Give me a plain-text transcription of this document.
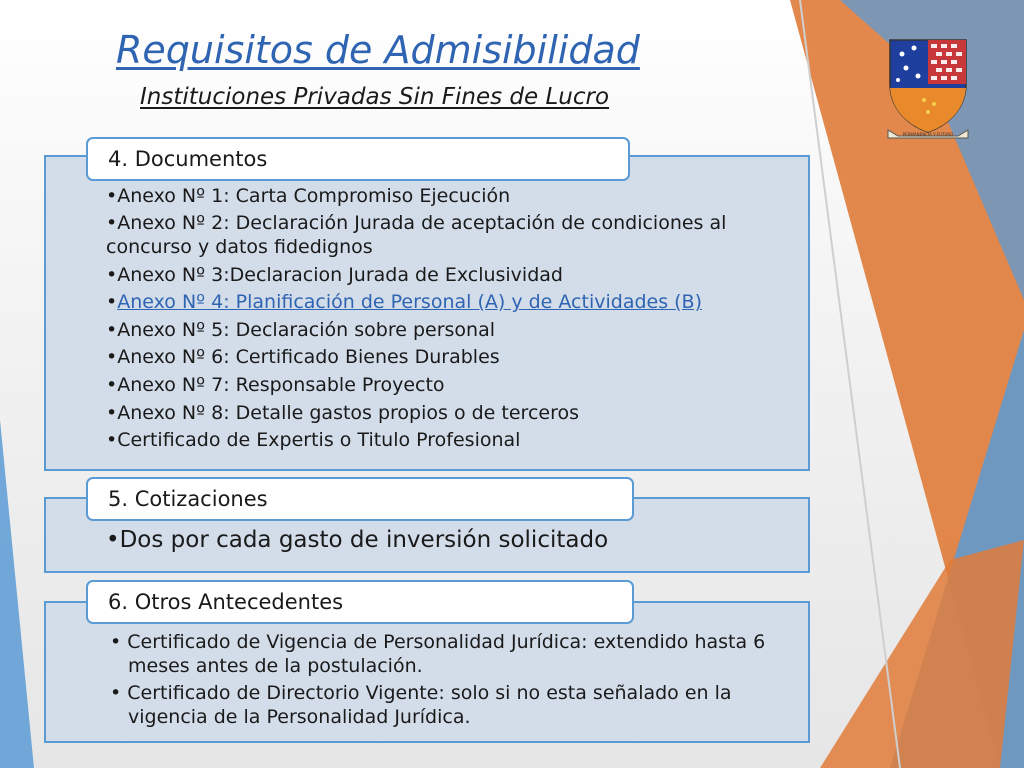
Requisitos de Admisibilidad
Instituciones Privadas Sin Fines de Lucro
PERMANENCIA Y FUTURO
•Anexo Nº 1: Carta Compromiso Ejecución
•Anexo Nº 2: Declaración Jurada de aceptación de condiciones al concurso y datos fidedignos
•Anexo Nº 3:Declaracion Jurada de Exclusividad
•Anexo Nº 4: Planificación de Personal (A) y de Actividades (B)
•Anexo Nº 5: Declaración sobre personal
•Anexo Nº 6: Certificado Bienes Durables
•Anexo Nº 7: Responsable Proyecto
•Anexo Nº 8: Detalle gastos propios o de terceros
•Certificado de Expertis o Titulo Profesional
4. Documentos
•Dos por cada gasto de inversión solicitado
5. Cotizaciones
• Certificado de Vigencia de Personalidad Jurídica: extendido hasta 6 meses antes de la postulación.
• Certificado de Directorio Vigente: solo si no esta señalado en la vigencia de la Personalidad Jurídica.
6. Otros Antecedentes
